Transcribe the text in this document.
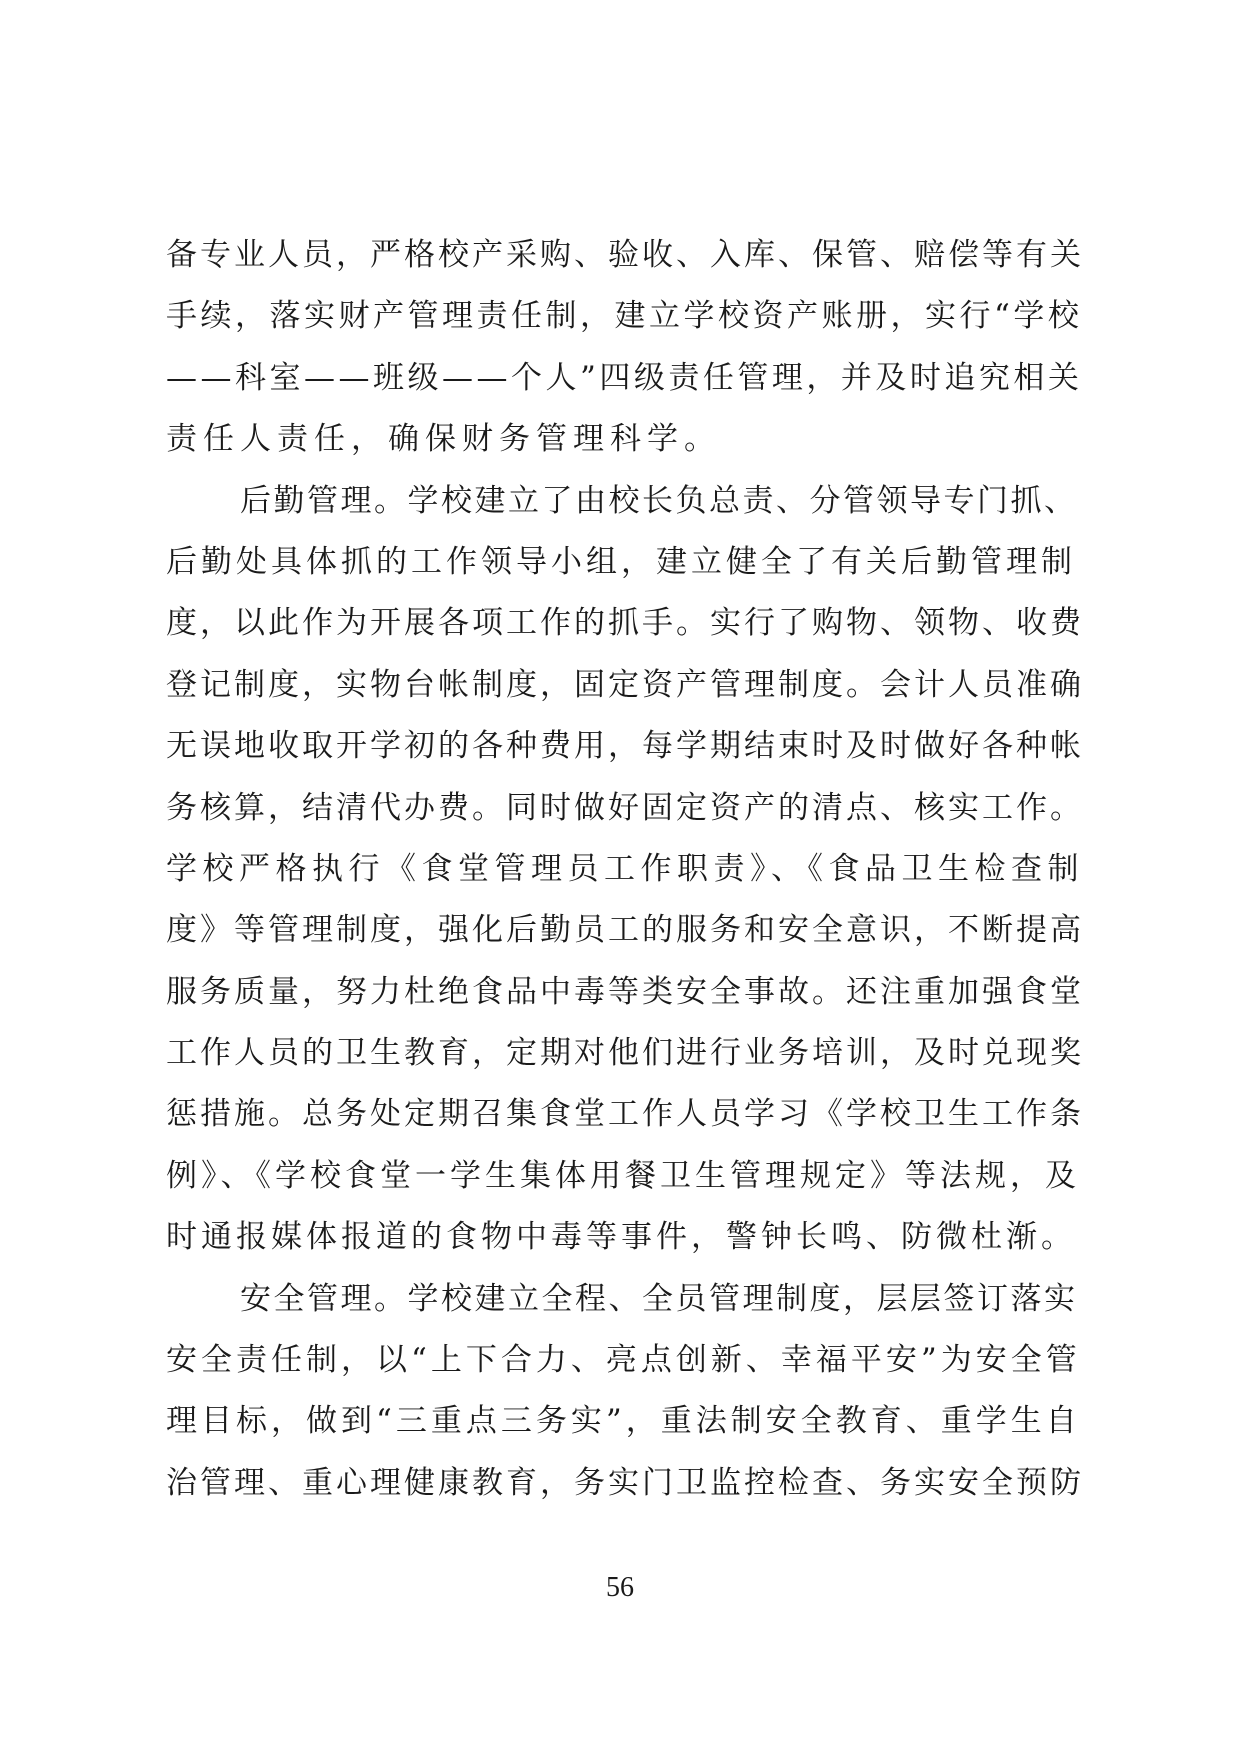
备专业人员，严格校产采购、验收、入库、保管、赔偿等有关
手续，落实财产管理责任制，建立学校资产账册，实行“学校
——科室——班级——个人”四级责任管理，并及时追究相关
责任人责任，确保财务管理科学。
后勤管理。学校建立了由校长负总责、分管领导专门抓、
后勤处具体抓的工作领导小组，建立健全了有关后勤管理制
度，以此作为开展各项工作的抓手。实行了购物、领物、收费
登记制度，实物台帐制度，固定资产管理制度。会计人员准确
无误地收取开学初的各种费用，每学期结束时及时做好各种帐
务核算，结清代办费。同时做好固定资产的清点、核实工作。
学校严格执行《食堂管理员工作职责》、《食品卫生检查制
度》等管理制度，强化后勤员工的服务和安全意识，不断提高
服务质量，努力杜绝食品中毒等类安全事故。还注重加强食堂
工作人员的卫生教育，定期对他们进行业务培训，及时兑现奖
惩措施。总务处定期召集食堂工作人员学习《学校卫生工作条
例》、《学校食堂一学生集体用餐卫生管理规定》等法规，及
时通报媒体报道的食物中毒等事件，警钟长鸣、防微杜渐。
安全管理。学校建立全程、全员管理制度，层层签订落实
安全责任制，以“上下合力、亮点创新、幸福平安”为安全管
理目标，做到“三重点三务实”，重法制安全教育、重学生自
治管理、重心理健康教育，务实门卫监控检查、务实安全预防
56
